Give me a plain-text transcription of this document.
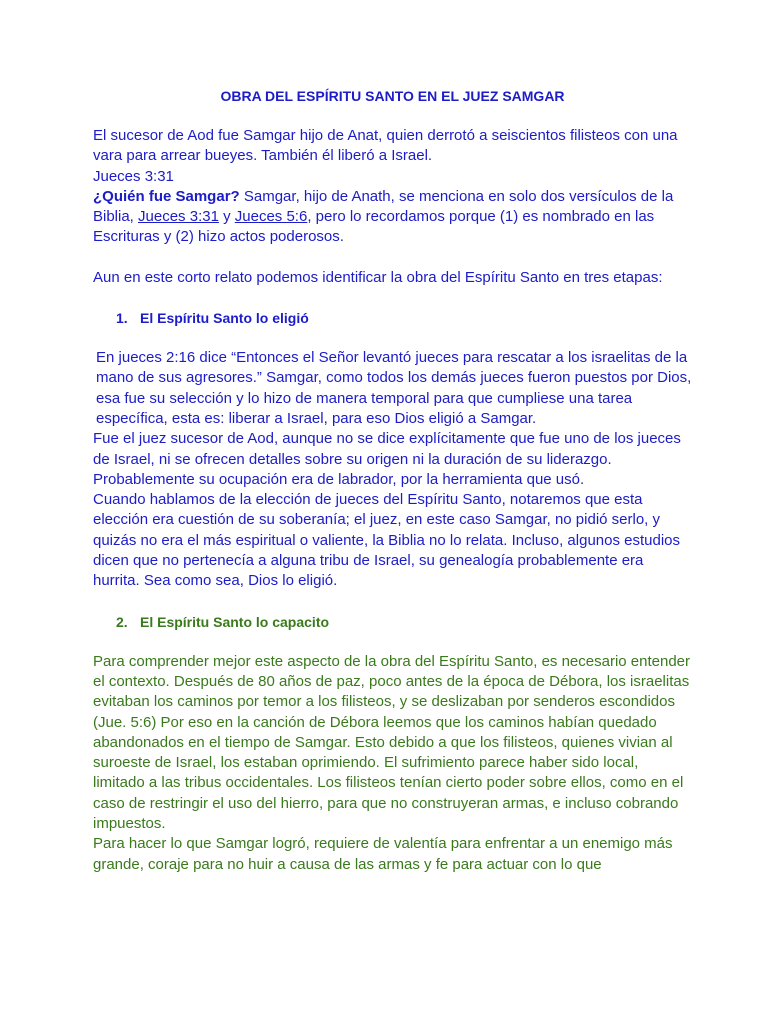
OBRA DEL ESPÍRITU SANTO EN EL JUEZ SAMGAR

El sucesor de Aod fue Samgar hijo de Anat, quien derrotó a seiscientos filisteos con una vara para arrear bueyes. También él liberó a Israel.

Jueces 3:31

¿Quién fue Samgar? Samgar, hijo de Anath, se menciona en solo dos versículos de la Biblia, Jueces 3:31 y Jueces 5:6, pero lo recordamos porque (1) es nombrado en las Escrituras y (2) hizo actos poderosos.

Aun en este corto relato podemos identificar la obra del Espíritu Santo en tres etapas:

1. El Espíritu Santo lo eligió

En jueces 2:16 dice “Entonces el Señor levantó jueces para rescatar a los israelitas de la mano de sus agresores.” Samgar, como todos los demás jueces fueron puestos por Dios, esa fue su selección y lo hizo de manera temporal para que cumpliese una tarea específica, esta es: liberar a Israel, para eso Dios eligió a Samgar.

Fue el juez sucesor de Aod, aunque no se dice explícitamente que fue uno de los jueces de Israel, ni se ofrecen detalles sobre su origen ni la duración de su liderazgo. Probablemente su ocupación era de labrador, por la herramienta que usó.

Cuando hablamos de la elección de jueces del Espíritu Santo, notaremos que esta elección era cuestión de su soberanía; el juez, en este caso Samgar, no pidió serlo, y quizás no era el más espiritual o valiente, la Biblia no lo relata. Incluso, algunos estudios dicen que no pertenecía a alguna tribu de Israel, su genealogía probablemente era hurrita. Sea como sea, Dios lo eligió.

2. El Espíritu Santo lo capacito

Para comprender mejor este aspecto de la obra del Espíritu Santo, es necesario entender el contexto. Después de 80 años de paz, poco antes de la época de Débora, los israelitas evitaban los caminos por temor a los filisteos, y se deslizaban por senderos escondidos (Jue. 5:6) Por eso en la canción de Débora leemos que los caminos habían quedado abandonados en el tiempo de Samgar. Esto debido a que los filisteos, quienes vivian al suroeste de Israel, los estaban oprimiendo. El sufrimiento parece haber sido local, limitado a las tribus occidentales. Los filisteos tenían cierto poder sobre ellos, como en el caso de restringir el uso del hierro, para que no construyeran armas, e incluso cobrando impuestos.

Para hacer lo que Samgar logró, requiere de valentía para enfrentar a un enemigo más grande, coraje para no huir a causa de las armas y fe para actuar con lo que
